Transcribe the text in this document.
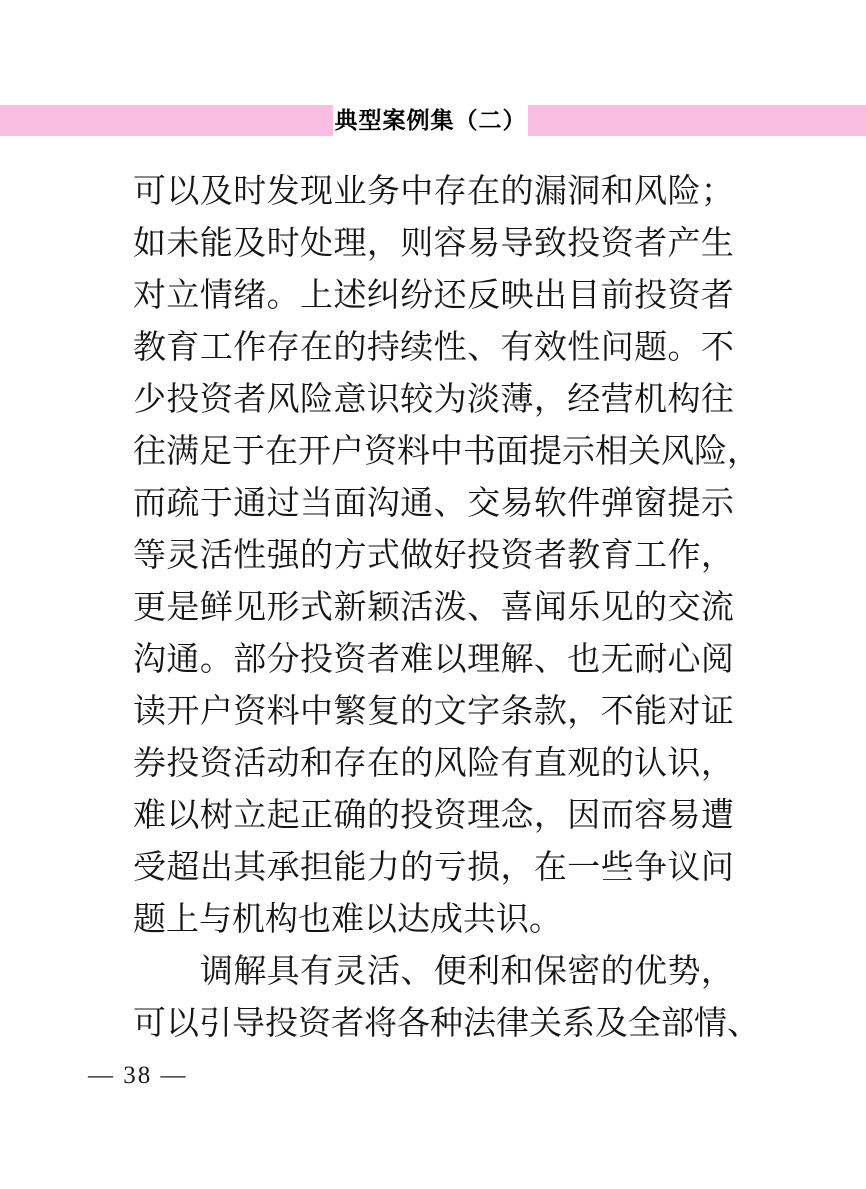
典型案例集（二）
可 以 及 时 发 现 业 务 中 存 在 的 漏 洞 和 风 险 ；
如 未 能 及 时 处 理 ， 则 容 易 导 致 投 资 者 产 生
对 立 情 绪 。 上 述 纠 纷 还 反 映 出 目 前 投 资 者
教 育 工 作 存 在 的 持 续 性 、 有 效 性 问 题 。 不
少 投 资 者 风 险 意 识 较 为 淡 薄 ， 经 营 机 构 往
往 满 足 于 在 开 户 资 料 中 书 面 提 示 相 关 风 险 ，
而 疏 于 通 过 当 面 沟 通 、 交 易 软 件 弹 窗 提 示
等 灵 活 性 强 的 方 式 做 好 投 资 者 教 育 工 作 ，
更 是 鲜 见 形 式 新 颖 活 泼 、 喜 闻 乐 见 的 交 流
沟 通 。 部 分 投 资 者 难 以 理 解 、 也 无 耐 心 阅
读 开 户 资 料 中 繁 复 的 文 字 条 款 ， 不 能 对 证
券 投 资 活 动 和 存 在 的 风 险 有 直 观 的 认 识 ，
难 以 树 立 起 正 确 的 投 资 理 念 ， 因 而 容 易 遭
受 超 出 其 承 担 能 力 的 亏 损 ， 在 一 些 争 议 问
题 上 与 机 构 也 难 以 达 成 共 识 。
调 解 具 有 灵 活 、 便 利 和 保 密 的 优 势 ，
可 以 引 导 投 资 者 将 各 种 法 律 关 系 及 全 部 情 、
— 38 —
